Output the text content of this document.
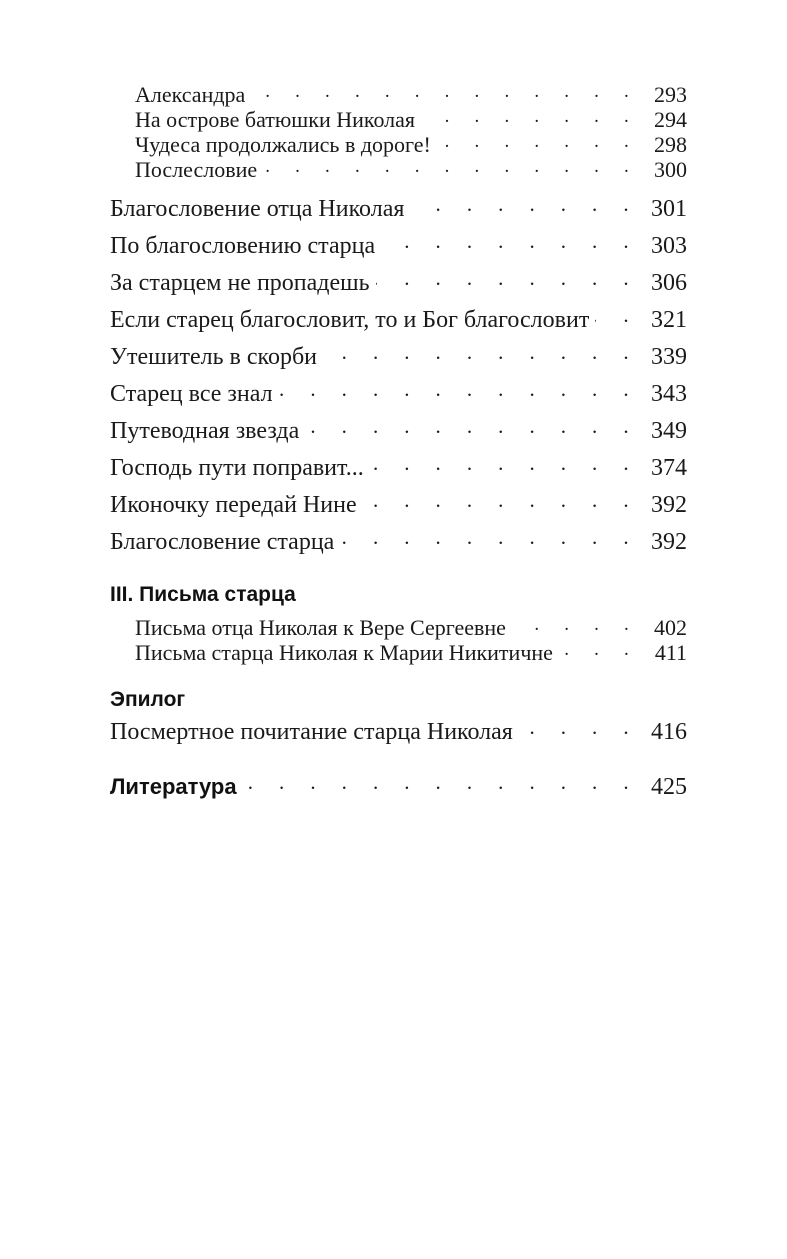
Александра . . .	293
На острове батюшки Николая . . .	294
Чудеса продолжались в дороге! . . .	298
Послесловие . . .	300
Благословение отца Николая . . .	301
По благословению старца . . .	303
За старцем не пропадешь . . .	306
Если старец благословит, то и Бог благословит . . .	321
Утешитель в скорби . . .	339
Старец все знал . . .	343
Путеводная звезда . . .	349
Господь пути поправит... . . .	374
Иконочку передай Нине . . .	392
Благословение старца . . .	392
III. Письма старца
Письма отца Николая к Вере Сергеевне . . .	402
Письма старца Николая к Марии Никитичне . . .	411
Эпилог
Посмертное почитание старца Николая . . .	416
Литература . . .	425
